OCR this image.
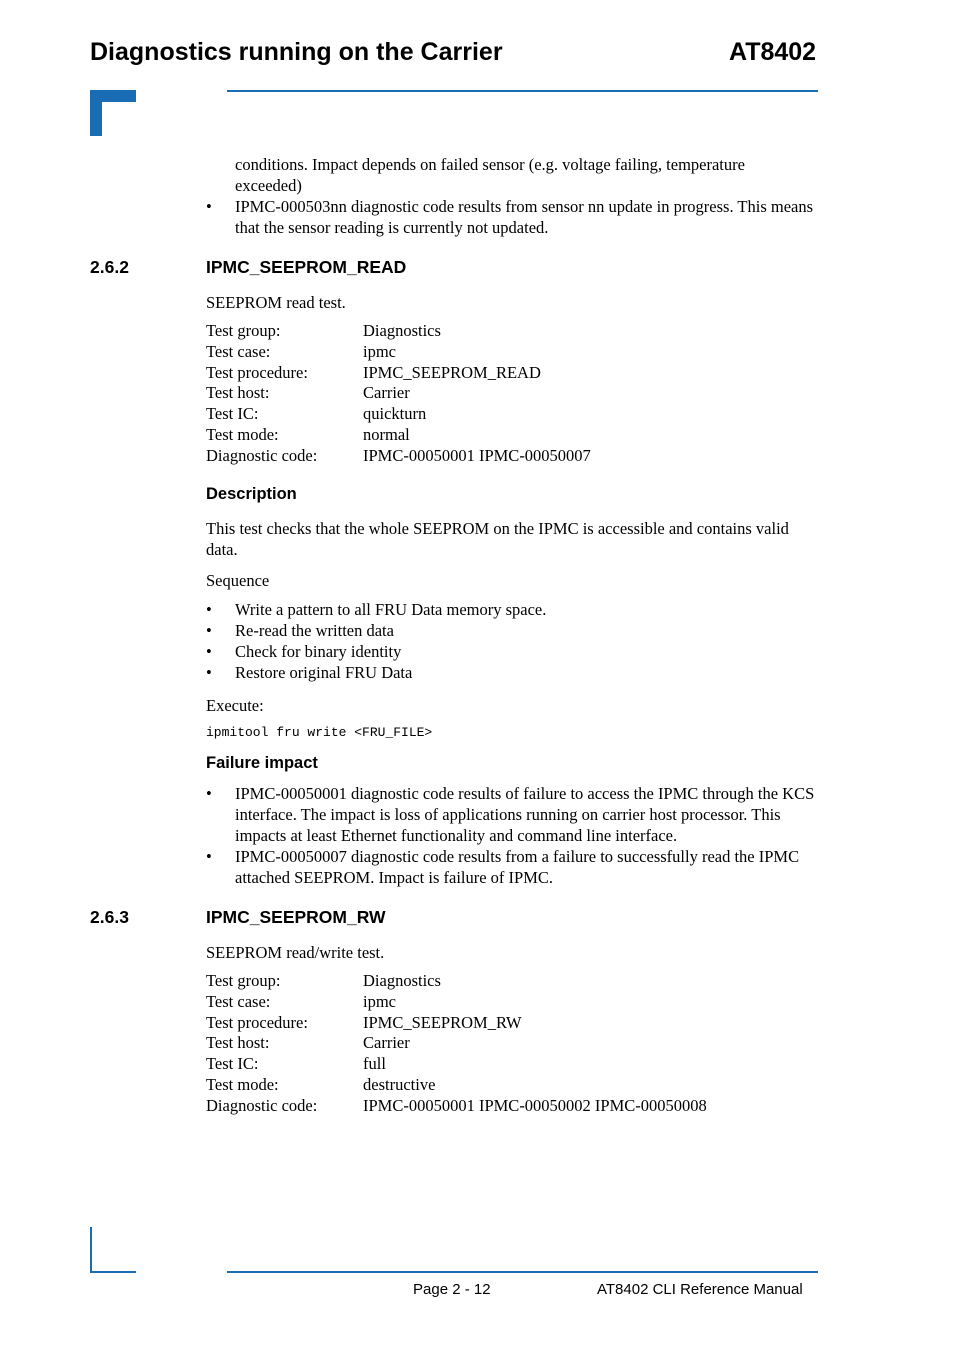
Diagnostics running on the Carrier	AT8402
conditions. Impact depends on failed sensor (e.g. voltage failing, temperature exceeded)
• IPMC-000503nn diagnostic code results from sensor nn update in progress. This means that the sensor reading is currently not updated.
2.6.2	IPMC_SEEPROM_READ
SEEPROM read test.
Test group:	Diagnostics
Test case:	ipmc
Test procedure:	IPMC_SEEPROM_READ
Test host:	Carrier
Test IC:	quickturn
Test mode:	normal
Diagnostic code:	IPMC-00050001 IPMC-00050007
Description
This test checks that the whole SEEPROM on the IPMC is accessible and contains valid data.
Sequence
• Write a pattern to all FRU Data memory space.
• Re-read the written data
• Check for binary identity
• Restore original FRU Data
Execute:
ipmitool fru write <FRU_FILE>
Failure impact
• IPMC-00050001 diagnostic code results of failure to access the IPMC through the KCS interface. The impact is loss of applications running on carrier host processor. This impacts at least Ethernet functionality and command line interface.
• IPMC-00050007 diagnostic code results from a failure to successfully read the IPMC attached SEEPROM. Impact is failure of IPMC.
2.6.3	IPMC_SEEPROM_RW
SEEPROM read/write test.
Test group:	Diagnostics
Test case:	ipmc
Test procedure:	IPMC_SEEPROM_RW
Test host:	Carrier
Test IC:	full
Test mode:	destructive
Diagnostic code:	IPMC-00050001 IPMC-00050002 IPMC-00050008
Page 2 - 12	AT8402 CLI Reference Manual
